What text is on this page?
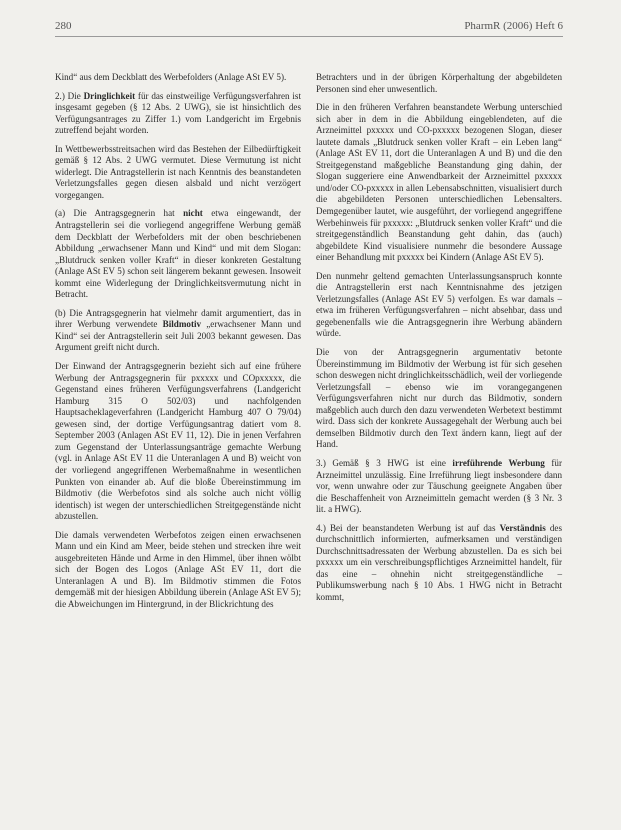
280	PharmR (2006) Heft 6

Kind“ aus dem Deckblatt des Werbefolders (Anlage ASt EV 5).

2.) Die Dringlichkeit für das einstweilige Verfügungsverfahren ist insgesamt gegeben (§ 12 Abs. 2 UWG), sie ist hinsichtlich des Verfügungsantrages zu Ziffer 1.) vom Landgericht im Ergebnis zutreffend bejaht worden.

In Wettbewerbsstreitsachen wird das Bestehen der Eilbedürftigkeit gemäß § 12 Abs. 2 UWG vermutet. Diese Vermutung ist nicht widerlegt. Die Antragstellerin ist nach Kenntnis des beanstandeten Verletzungsfalles gegen diesen alsbald und nicht verzögert vorgegangen.

(a) Die Antragsgegnerin hat nicht etwa eingewandt, der Antragstellerin sei die vorliegend angegriffene Werbung gemäß dem Deckblatt der Werbefolders mit der oben beschriebenen Abbildung „erwachsener Mann und Kind“ und mit dem Slogan: „Blutdruck senken voller Kraft“ in dieser konkreten Gestaltung (Anlage ASt EV 5) schon seit längerem bekannt gewesen. Insoweit kommt eine Widerlegung der Dringlichkeitsvermutung nicht in Betracht.

(b) Die Antragsgegnerin hat vielmehr damit argumentiert, das in ihrer Werbung verwendete Bildmotiv „erwachsener Mann und Kind“ sei der Antragstellerin seit Juli 2003 bekannt gewesen. Das Argument greift nicht durch.

Der Einwand der Antragsgegnerin bezieht sich auf eine frühere Werbung der Antragsgegnerin für pxxxxx und COpxxxxx, die Gegenstand eines früheren Verfügungsverfahrens (Landgericht Hamburg 315 O 502/03) und nachfolgenden Hauptsacheklageverfahren (Landgericht Hamburg 407 O 79/04) gewesen sind, der dortige Verfügungsantrag datiert vom 8. September 2003 (Anlagen ASt EV 11, 12). Die in jenen Verfahren zum Gegenstand der Unterlassungsanträge gemachte Werbung (vgl. in Anlage ASt EV 11 die Unteranlagen A und B) weicht von der vorliegend angegriffenen Werbemaßnahme in wesentlichen Punkten von einander ab. Auf die bloße Übereinstimmung im Bildmotiv (die Werbefotos sind als solche auch nicht völlig identisch) ist wegen der unterschiedlichen Streitgegenstände nicht abzustellen.

Die damals verwendeten Werbefotos zeigen einen erwachsenen Mann und ein Kind am Meer, beide stehen und strecken ihre weit ausgebreiteten Hände und Arme in den Himmel, über ihnen wölbt sich der Bogen des Logos (Anlage ASt EV 11, dort die Unteranlagen A und B). Im Bildmotiv stimmen die Fotos demgemäß mit der hiesigen Abbildung überein (Anlage ASt EV 5); die Abweichungen im Hintergrund, in der Blickrichtung des

Betrachters und in der übrigen Körperhaltung der abgebildeten Personen sind eher unwesentlich.

Die in den früheren Verfahren beanstandete Werbung unterschied sich aber in dem in die Abbildung eingeblendeten, auf die Arzneimittel pxxxxx und CO-pxxxxx bezogenen Slogan, dieser lautete damals „Blutdruck senken voller Kraft – ein Leben lang“ (Anlage ASt EV 11, dort die Unteranlagen A und B) und die den Streitgegenstand maßgebliche Beanstandung ging dahin, der Slogan suggeriere eine Anwendbarkeit der Arzneimittel pxxxxx und/oder CO-pxxxxx in allen Lebensabschnitten, visualisiert durch die abgebildeten Personen unterschiedlichen Lebensalters. Demgegenüber lautet, wie ausgeführt, der vorliegend angegriffene Werbehinweis für pxxxxx: „Blutdruck senken voller Kraft“ und die streitgegenständlich Beanstandung geht dahin, das (auch) abgebildete Kind visualisiere nunmehr die besondere Aussage einer Behandlung mit pxxxxx bei Kindern (Anlage ASt EV 5).

Den nunmehr geltend gemachten Unterlassungsanspruch konnte die Antragstellerin erst nach Kenntnisnahme des jetzigen Verletzungsfalles (Anlage ASt EV 5) verfolgen. Es war damals – etwa im früheren Verfügungsverfahren – nicht absehbar, dass und gegebenenfalls wie die Antragsgegnerin ihre Werbung abändern würde.

Die von der Antragsgegnerin argumentativ betonte Übereinstimmung im Bildmotiv der Werbung ist für sich gesehen schon deswegen nicht dringlichkeitsschädlich, weil der vorliegende Verletzungsfall – ebenso wie im vorangegangenen Verfügungsverfahren nicht nur durch das Bildmotiv, sondern maßgeblich auch durch den dazu verwendeten Werbetext bestimmt wird. Dass sich der konkrete Aussagegehalt der Werbung auch bei demselben Bildmotiv durch den Text ändern kann, liegt auf der Hand.

3.) Gemäß § 3 HWG ist eine irreführende Werbung für Arzneimittel unzulässig. Eine Irreführung liegt insbesondere dann vor, wenn unwahre oder zur Täuschung geeignete Angaben über die Beschaffenheit von Arzneimitteln gemacht werden (§ 3 Nr. 3 lit. a HWG).

4.) Bei der beanstandeten Werbung ist auf das Verständnis des durchschnittlich informierten, aufmerksamen und verständigen Durchschnittsadressaten der Werbung abzustellen. Da es sich bei pxxxxx um ein verschreibungspflichtiges Arzneimittel handelt, für das eine – ohnehin nicht streitgegenständliche – Publikumswerbung nach § 10 Abs. 1 HWG nicht in Betracht kommt,
